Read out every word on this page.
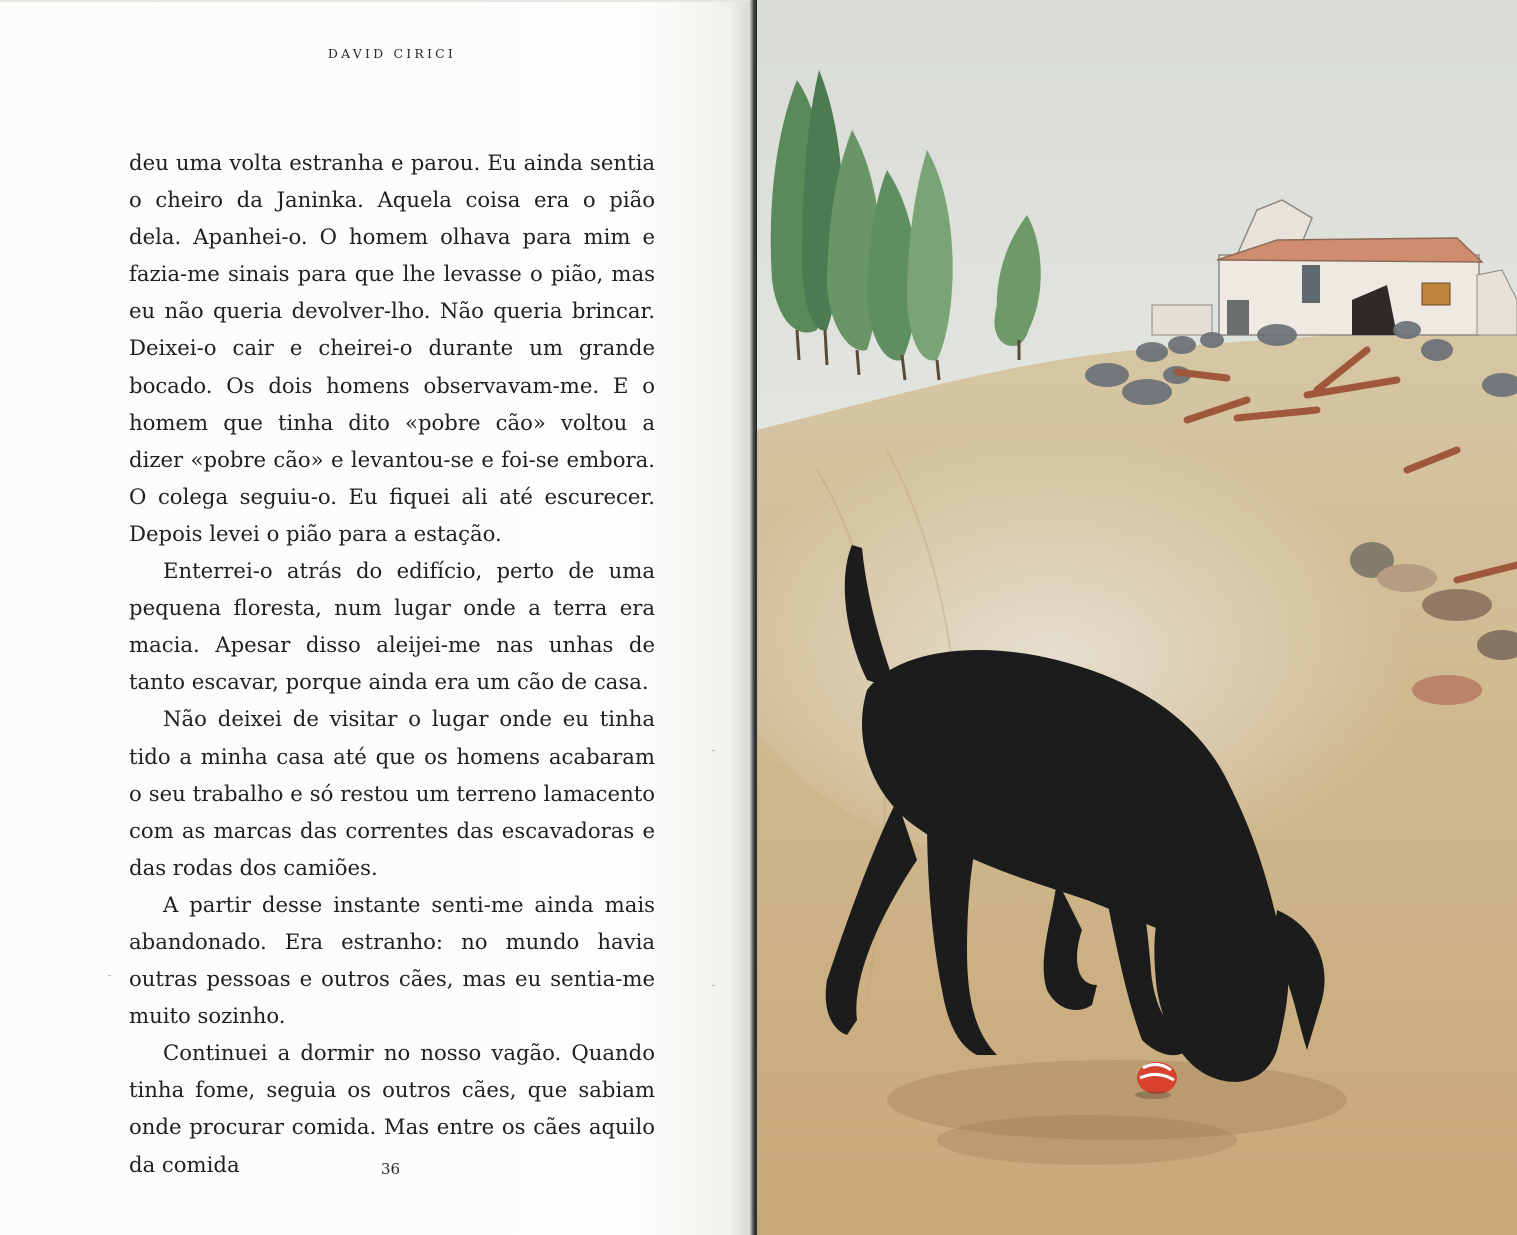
DAVID CIRICI

deu uma volta estranha e parou. Eu ainda sentia o cheiro da Janinka. Aquela coisa era o pião dela. Apanhei-o. O homem olhava para mim e fazia-me sinais para que lhe levasse o pião, mas eu não queria devolver-lho. Não queria brincar. Deixei-o cair e cheirei-o durante um grande bocado. Os dois homens observavam-me. E o homem que tinha dito «pobre cão» voltou a dizer «pobre cão» e levantou-se e foi-se embora. O colega seguiu-o. Eu fiquei ali até escurecer. Depois levei o pião para a estação.

Enterrei-o atrás do edifício, perto de uma pequena floresta, num lugar onde a terra era macia. Apesar disso aleijei-me nas unhas de tanto escavar, porque ainda era um cão de casa.

Não deixei de visitar o lugar onde eu tinha tido a minha casa até que os homens acabaram o seu trabalho e só restou um terreno lamacento com as marcas das correntes das escavadoras e das rodas dos camiões.

A partir desse instante senti-me ainda mais abandonado. Era estranho: no mundo havia outras pessoas e outros cães, mas eu sentia-me muito sozinho.

Continuei a dormir no nosso vagão. Quando tinha fome, seguia os outros cães, que sabiam onde procurar comida. Mas entre os cães aquilo da comida	36
